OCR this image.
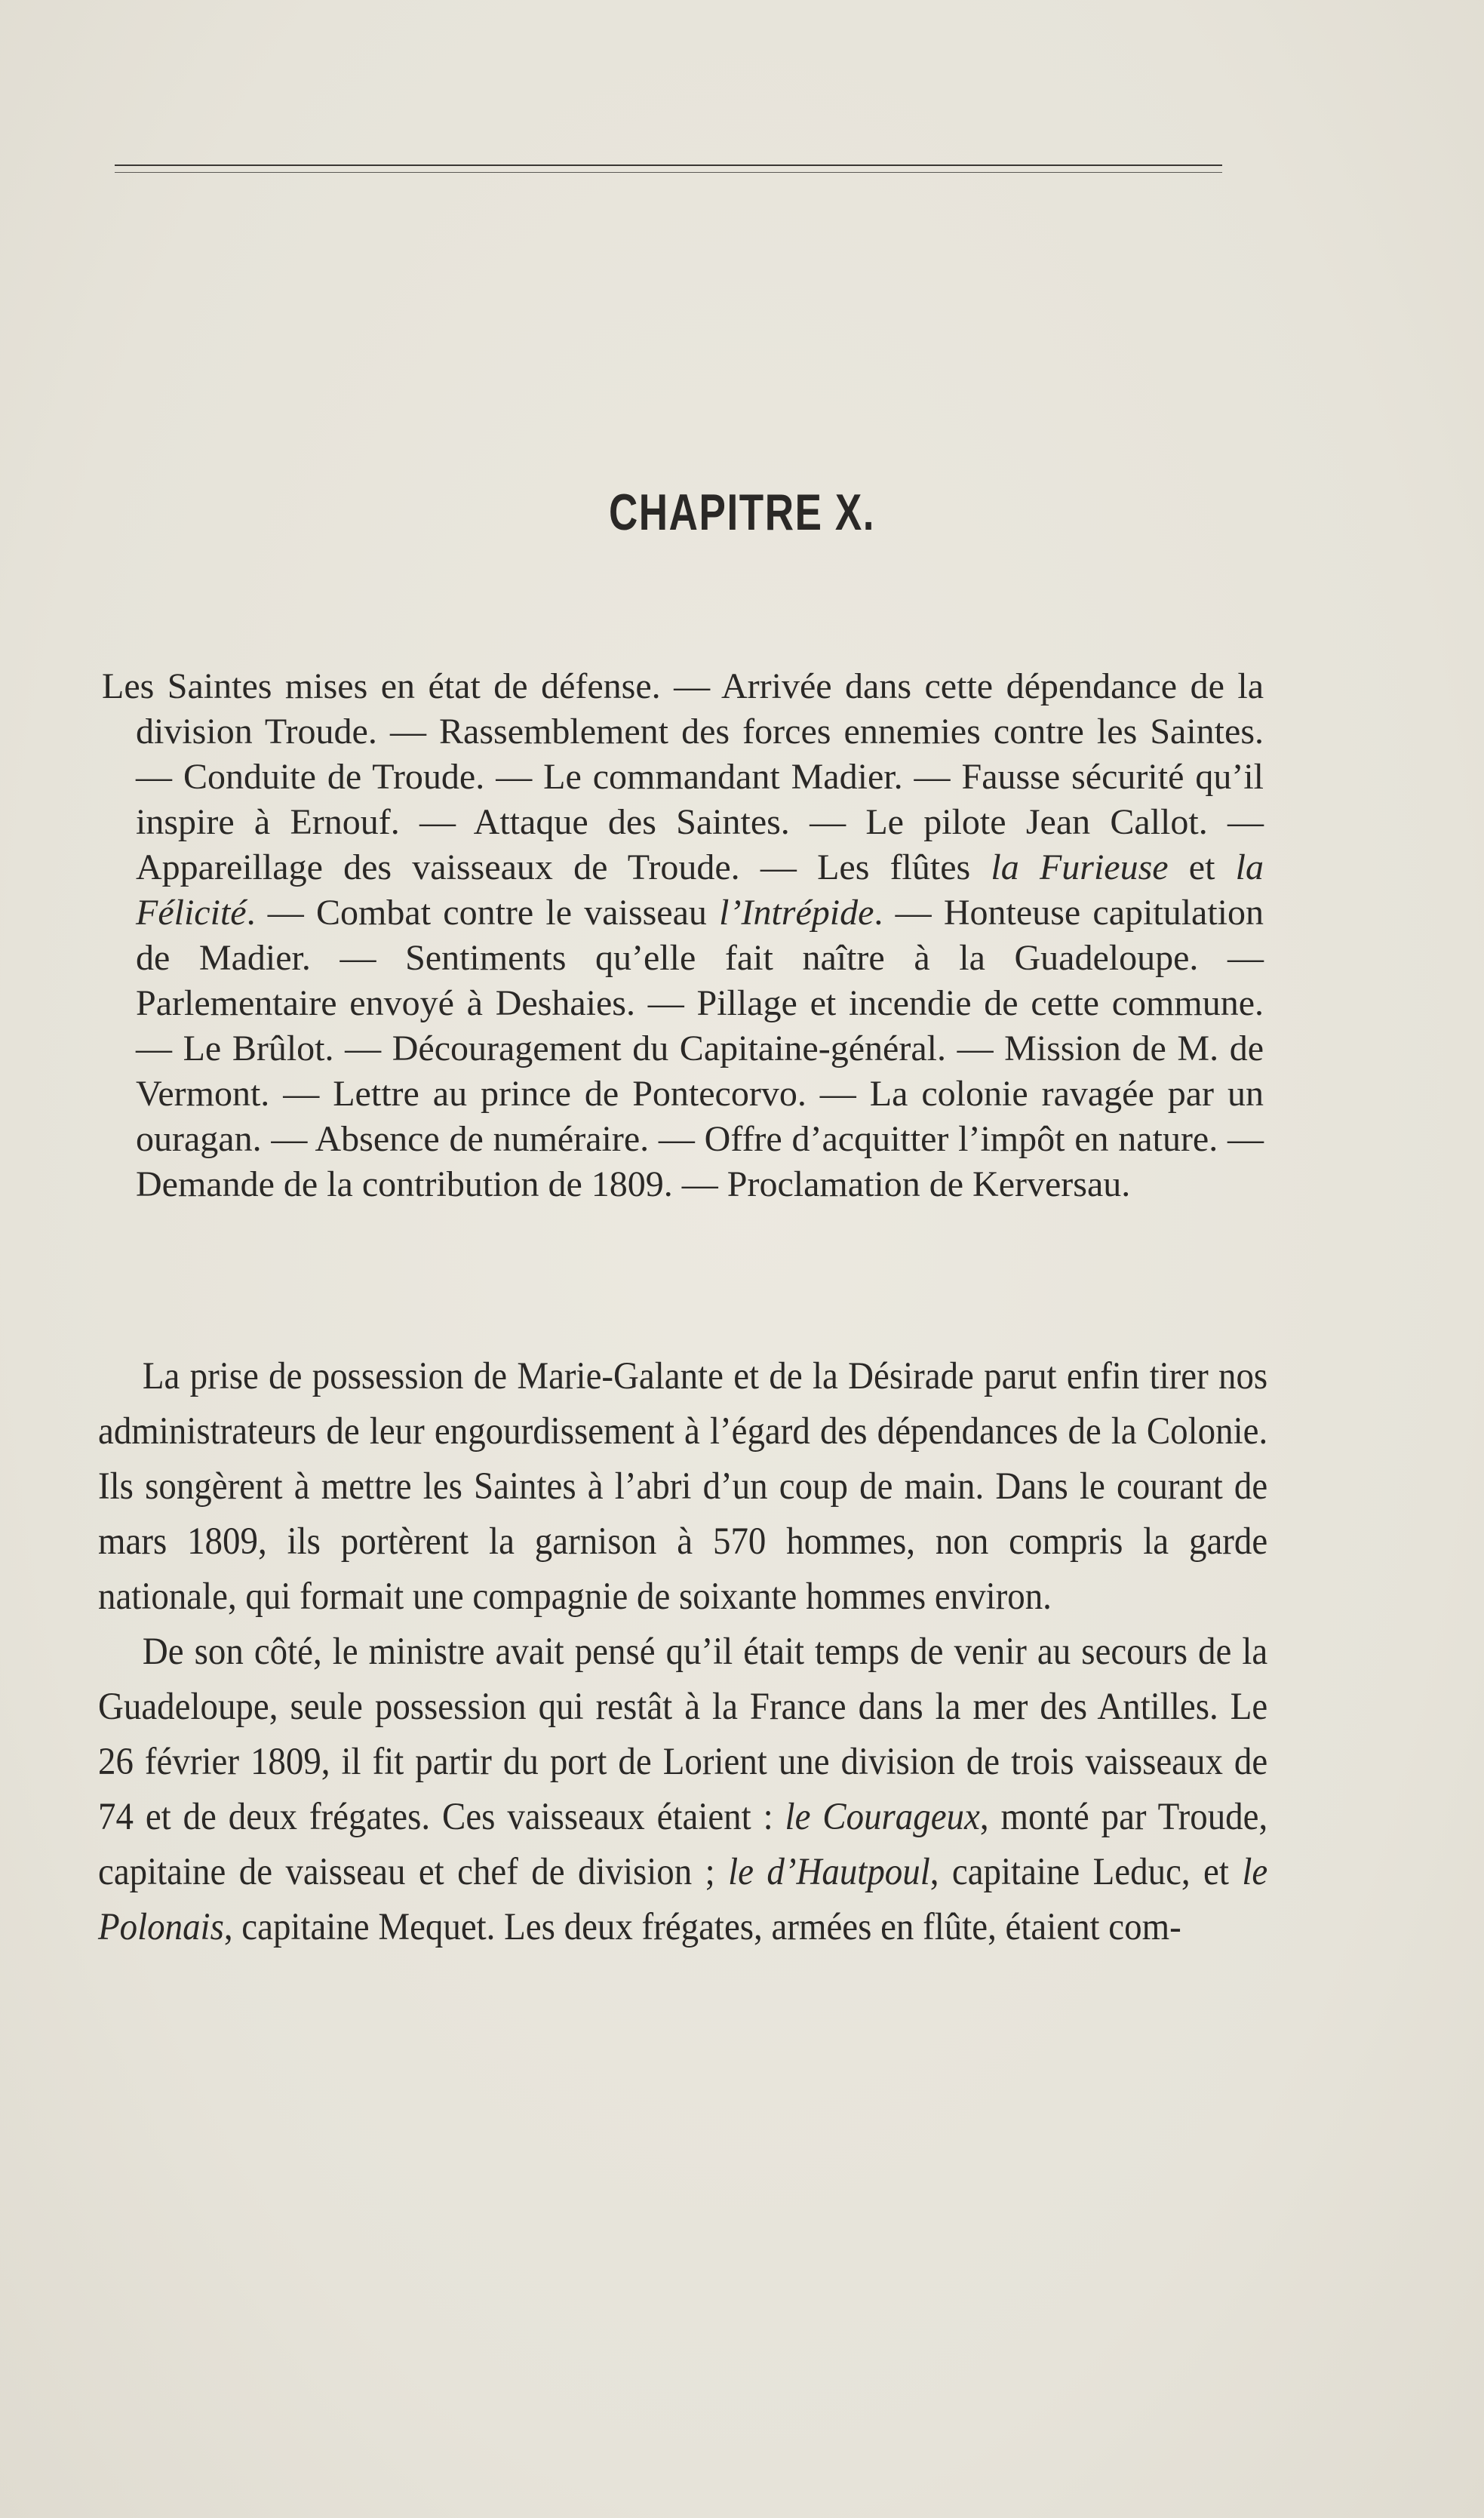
CHAPITRE X.
Les Saintes mises en état de défense. — Arrivée dans cette dépendance de la division Troude. — Rassemblement des forces ennemies contre les Saintes. — Conduite de Troude. — Le commandant Madier. — Fausse sécurité qu’il inspire à Ernouf. — Attaque des Saintes. — Le pilote Jean Callot. — Appareillage des vaisseaux de Troude. — Les flûtes la Furieuse et la Félicité. — Combat contre le vaisseau l’Intrépide. — Honteuse capitulation de Madier. — Sentiments qu’elle fait naître à la Guadeloupe. — Parlementaire envoyé à Deshaies. — Pillage et incendie de cette commune. — Le Brûlot. — Découragement du Capitaine-général. — Mission de M. de Vermont. — Lettre au prince de Pontecorvo. — La colonie ravagée par un ouragan. — Absence de numéraire. — Offre d’acquitter l’impôt en nature. — Demande de la contribution de 1809. — Proclamation de Kerversau.

La prise de possession de Marie-Galante et de la Désirade parut enfin tirer nos administrateurs de leur engourdissement à l’égard des dépendances de la Colonie. Ils songèrent à mettre les Saintes à l’abri d’un coup de main. Dans le courant de mars 1809, ils portèrent la garnison à 570 hommes, non compris la garde nationale, qui formait une compagnie de soixante hommes environ.

De son côté, le ministre avait pensé qu’il était temps de venir au secours de la Guadeloupe, seule possession qui restât à la France dans la mer des Antilles. Le 26 février 1809, il fit partir du port de Lorient une division de trois vaisseaux de 74 et de deux frégates. Ces vaisseaux étaient : le Courageux, monté par Troude, capitaine de vaisseau et chef de division ; le d’Hautpoul, capitaine Leduc, et le Polonais, capitaine Mequet. Les deux frégates, armées en flûte, étaient com-
